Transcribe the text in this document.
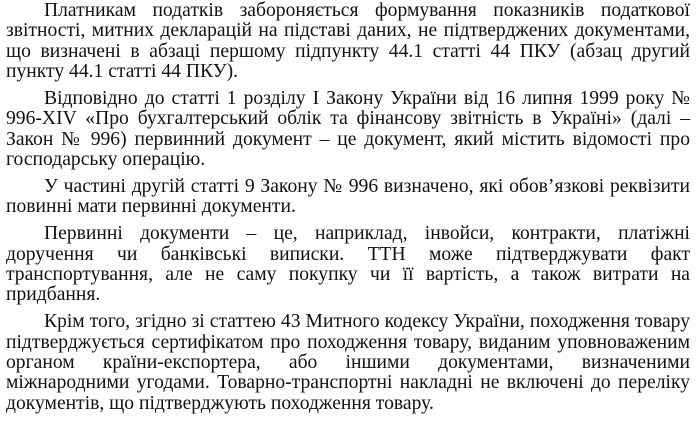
Платникам податків забороняється формування показників податкової звітності, митних декларацій на підставі даних, не підтверджених документами, що визначені в абзаці першому підпункту 44.1 статті 44 ПКУ (абзац другий пункту 44.1 статті 44 ПКУ).

Відповідно до статті 1 розділу I Закону України від 16 липня 1999 року № 996-XIV «Про бухгалтерський облік та фінансову звітність в Україні» (далі – Закон № 996) первинний документ – це документ, який містить відомості про господарську операцію.

У частині другій статті 9 Закону № 996 визначено, які обов’язкові реквізити повинні мати первинні документи.

Первинні документи – це, наприклад, інвойси, контракти, платіжні доручення чи банківські виписки. ТТН може підтверджувати факт транспортування, але не саму покупку чи її вартість, а також витрати на придбання.

Крім того, згідно зі статтею 43 Митного кодексу України, походження товару підтверджується сертифікатом про походження товару, виданим уповноваженим органом країни-експортера, або іншими документами, визначеними міжнародними угодами. Товарно-транспортні накладні не включені до переліку документів, що підтверджують походження товару.
